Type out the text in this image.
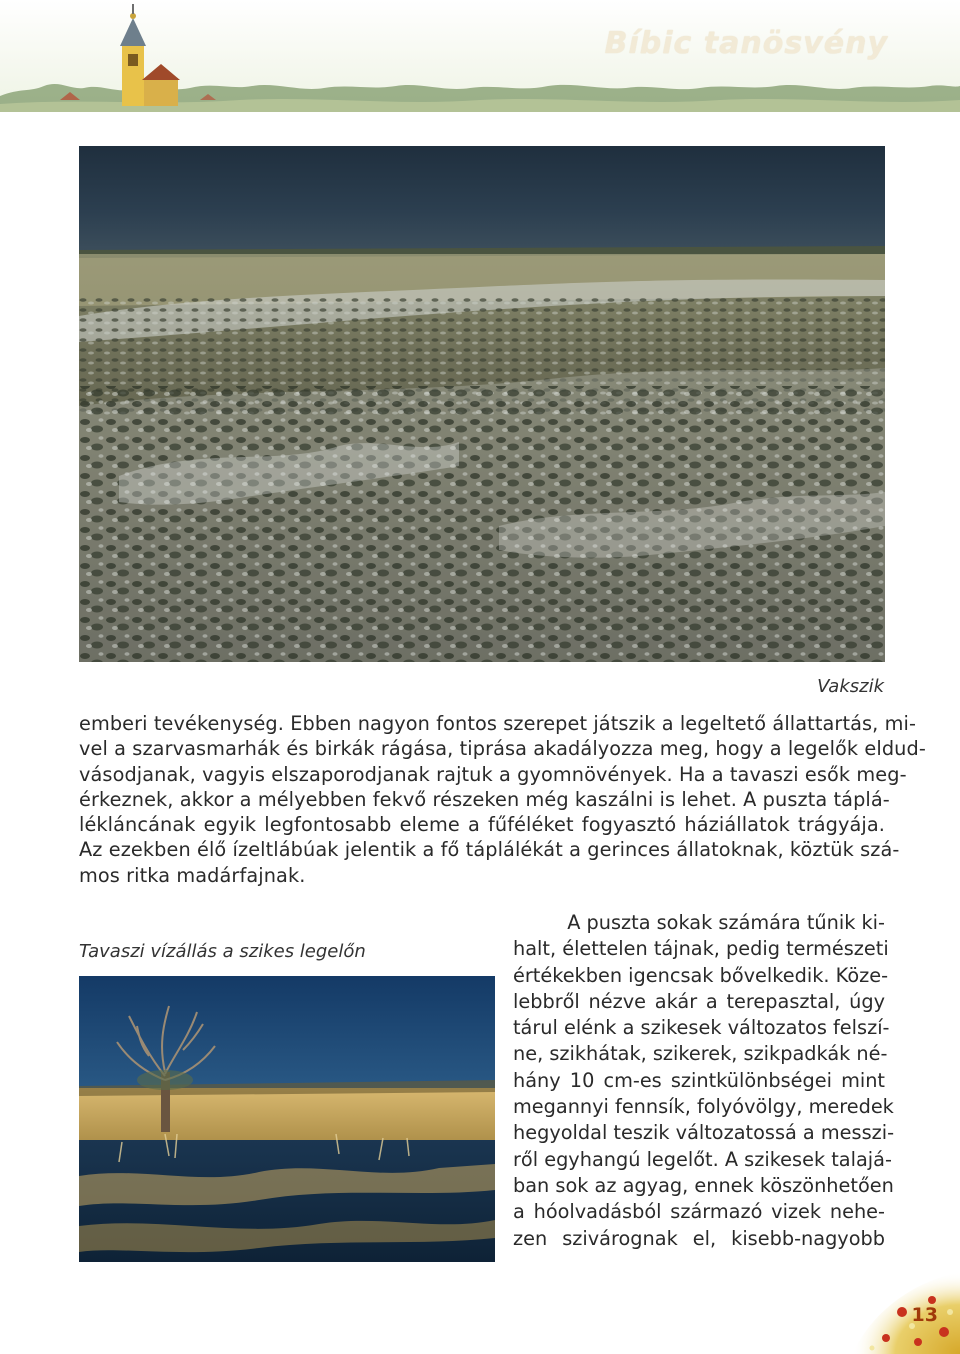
Bíbic tanösvény
Vakszik
emberi tevékenység. Ebben nagyon fontos szerepet játszik a legeltető állattartás, mi-
vel a szarvasmarhák és birkák rágása, tiprása akadályozza meg, hogy a legelők eldud-
vásodjanak, vagyis elszaporodjanak rajtuk a gyomnövények. Ha a tavaszi esők meg-
érkeznek, akkor a mélyebben fekvő részeken még kaszálni is lehet. A puszta táplá-
lékláncának egyik legfontosabb eleme a fűféléket fogyasztó háziállatok trágyája.
Az ezekben élő ízeltlábúak jelentik a fő táplálékát a gerinces állatoknak, köztük szá-
mos ritka madárfajnak.
Tavaszi vízállás a szikes legelőn
A puszta sokak számára tűnik ki-
halt, élettelen tájnak, pedig természeti
értékekben igencsak bővelkedik. Köze-
lebbről nézve akár a terepasztal, úgy
tárul elénk a szikesek változatos felszí-
ne, szikhátak, szikerek, szikpadkák né-
hány 10 cm-es szintkülönbségei mint
megannyi fennsík, folyóvölgy, meredek
hegyoldal teszik változatossá a messzi-
ről egyhangú legelőt. A szikesek talajá-
ban sok az agyag, ennek köszönhetően
a hóolvadásból származó vizek nehe-
zen szivárognak el, kisebb-nagyobb
13
